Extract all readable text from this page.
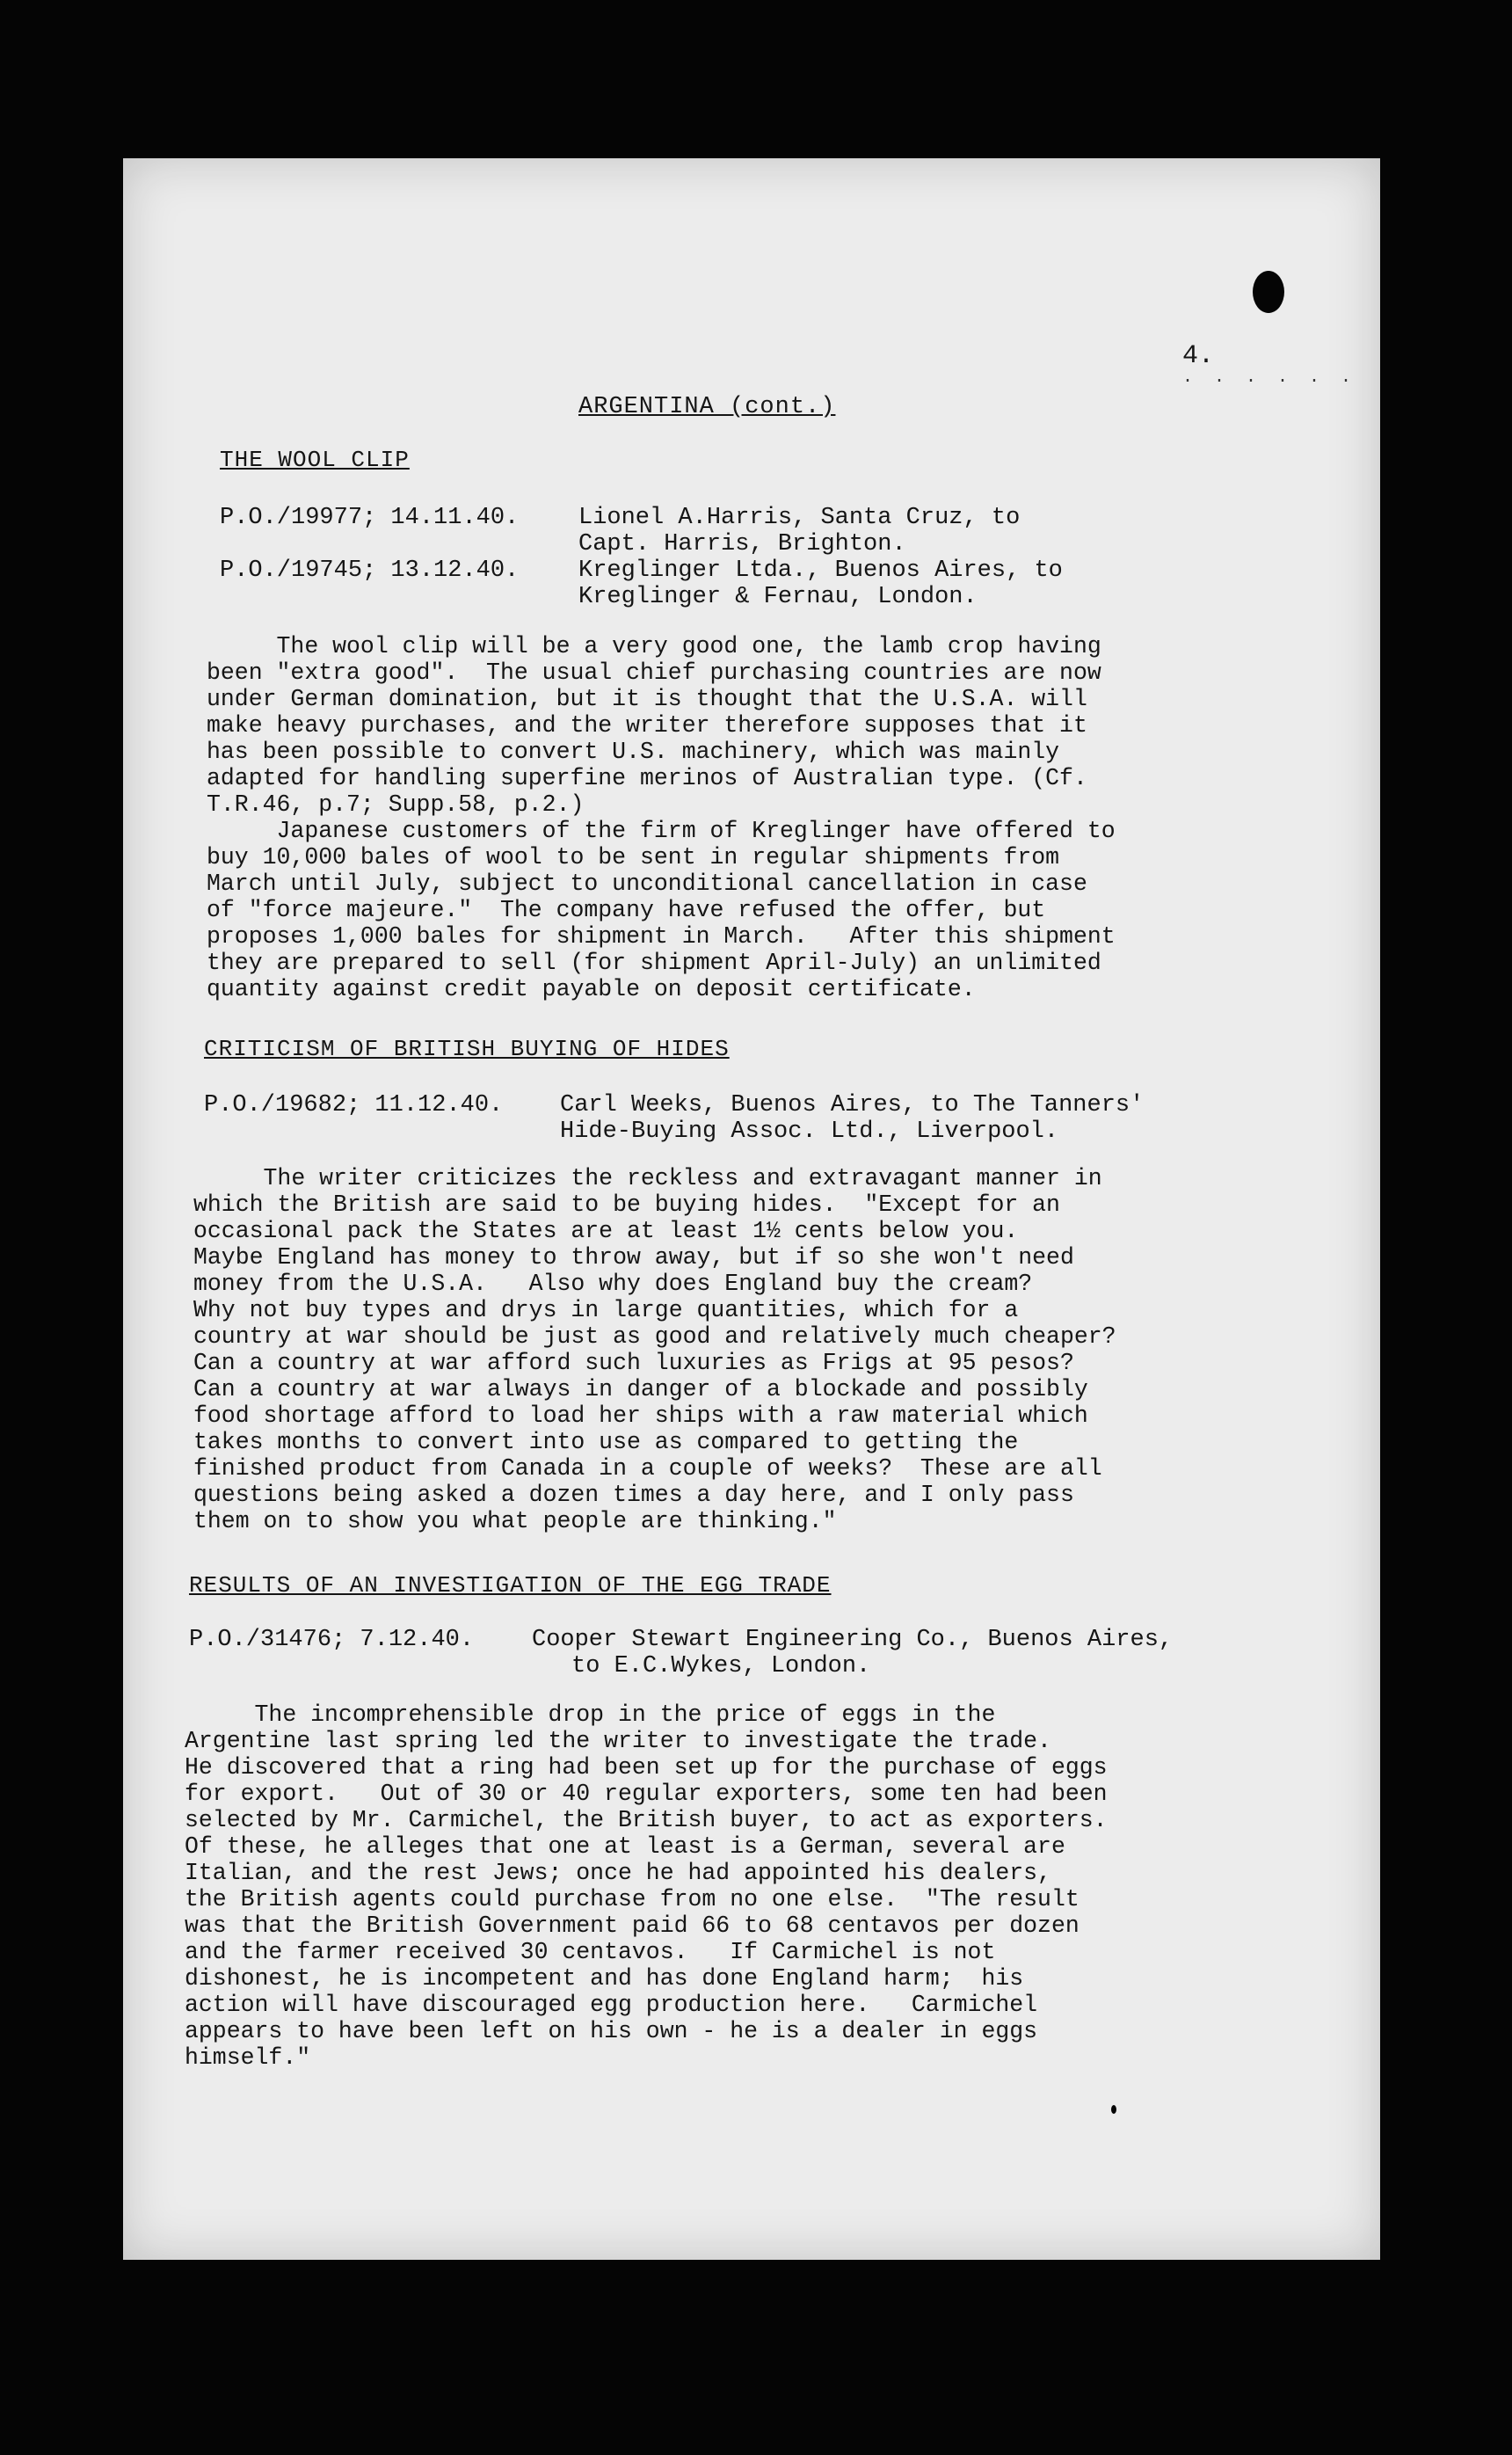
4.
. . . . . .
ARGENTINA (cont.)
THE WOOL CLIP
P.O./19977; 14.11.40.	Lionel A.Harris, Santa Cruz, to
Capt. Harris, Brighton.
P.O./19745; 13.12.40.	Kreglinger Ltda., Buenos Aires, to
Kreglinger & Fernau, London.
The wool clip will be a very good one, the lamb crop having
been "extra good".  The usual chief purchasing countries are now
under German domination, but it is thought that the U.S.A. will
make heavy purchases, and the writer therefore supposes that it
has been possible to convert U.S. machinery, which was mainly
adapted for handling superfine merinos of Australian type. (Cf.
T.R.46, p.7; Supp.58, p.2.)
Japanese customers of the firm of Kreglinger have offered to
buy 10,000 bales of wool to be sent in regular shipments from
March until July, subject to unconditional cancellation in case
of "force majeure."  The company have refused the offer, but
proposes 1,000 bales for shipment in March.   After this shipment
they are prepared to sell (for shipment April-July) an unlimited
quantity against credit payable on deposit certificate.
CRITICISM OF BRITISH BUYING OF HIDES
P.O./19682; 11.12.40. Carl Weeks, Buenos Aires, to The Tanners'
Hide-Buying Assoc. Ltd., Liverpool.
The writer criticizes the reckless and extravagant manner in
which the British are said to be buying hides.  "Except for an
occasional pack the States are at least 1½ cents below you.
Maybe England has money to throw away, but if so she won't need
money from the U.S.A.   Also why does England buy the cream?
Why not buy types and drys in large quantities, which for a
country at war should be just as good and relatively much cheaper?
Can a country at war afford such luxuries as Frigs at 95 pesos?
Can a country at war always in danger of a blockade and possibly
food shortage afford to load her ships with a raw material which
takes months to convert into use as compared to getting the
finished product from Canada in a couple of weeks?  These are all
questions being asked a dozen times a day here, and I only pass
them on to show you what people are thinking."
RESULTS OF AN INVESTIGATION OF THE EGG TRADE
P.O./31476; 7.12.40. Cooper Stewart Engineering Co., Buenos Aires,
to E.C.Wykes, London.
The incomprehensible drop in the price of eggs in the
Argentine last spring led the writer to investigate the trade.
He discovered that a ring had been set up for the purchase of eggs
for export.   Out of 30 or 40 regular exporters, some ten had been
selected by Mr. Carmichel, the British buyer, to act as exporters.
Of these, he alleges that one at least is a German, several are
Italian, and the rest Jews; once he had appointed his dealers,
the British agents could purchase from no one else.  "The result
was that the British Government paid 66 to 68 centavos per dozen
and the farmer received 30 centavos.   If Carmichel is not
dishonest, he is incompetent and has done England harm;  his
action will have discouraged egg production here.   Carmichel
appears to have been left on his own - he is a dealer in eggs
himself."
